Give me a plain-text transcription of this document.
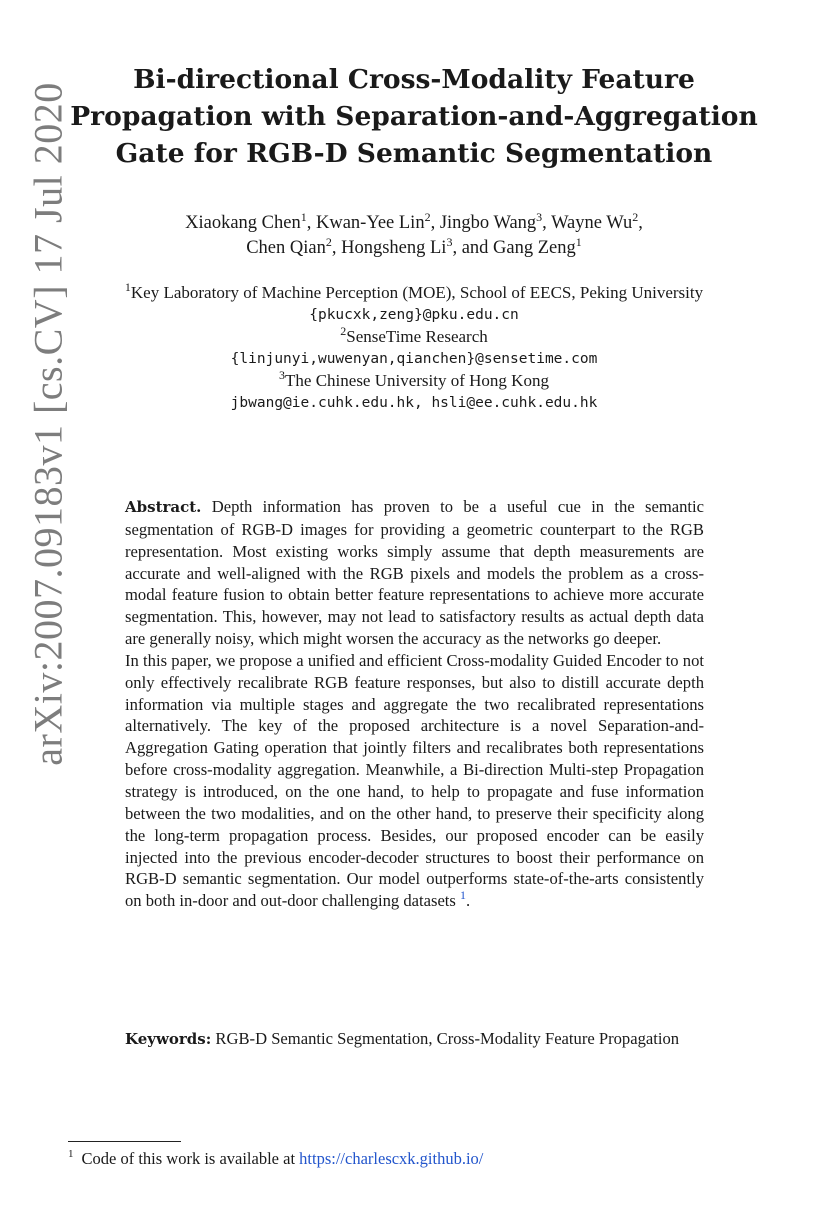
arXiv:2007.09183v1 [cs.CV] 17 Jul 2020
Bi-directional Cross-Modality Feature
Propagation with Separation-and-Aggregation
Gate for RGB-D Semantic Segmentation
Xiaokang Chen$^1$, Kwan-Yee Lin$^2$, Jingbo Wang$^3$, Wayne Wu$^2$,
Chen Qian$^2$, Hongsheng Li$^3$, and Gang Zeng$^1$
$^1$Key Laboratory of Machine Perception (MOE), School of EECS, Peking University
{pkucxk,zeng}@pku.edu.cn
$^2$SenseTime Research
{linjunyi,wuwenyan,qianchen}@sensetime.com
$^3$The Chinese University of Hong Kong
jbwang@ie.cuhk.edu.hk, hsli@ee.cuhk.edu.hk

Abstract. Depth information has proven to be a useful cue in the semantic segmentation of RGB-D images for providing a geometric counterpart to the RGB representation. Most existing works simply assume that depth measurements are accurate and well-aligned with the RGB pixels and models the problem as a cross-modal feature fusion to obtain better feature representations to achieve more accurate segmentation. This, however, may not lead to satisfactory results as actual depth data are generally noisy, which might worsen the accuracy as the networks go deeper.

In this paper, we propose a unified and efficient Cross-modality Guided Encoder to not only effectively recalibrate RGB feature responses, but also to distill accurate depth information via multiple stages and aggregate the two recalibrated representations alternatively. The key of the proposed architecture is a novel Separation-and-Aggregation Gating operation that jointly filters and recalibrates both representations before cross-modality aggregation. Meanwhile, a Bi-direction Multi-step Propagation strategy is introduced, on the one hand, to help to propagate and fuse information between the two modalities, and on the other hand, to preserve their specificity along the long-term propagation process. Besides, our proposed encoder can be easily injected into the previous encoder-decoder structures to boost their performance on RGB-D semantic segmentation. Our model outperforms state-of-the-arts consistently on both in-door and out-door challenging datasets $^1$.

Keywords: RGB-D Semantic Segmentation, Cross-Modality Feature Propagation
$^1$ Code of this work is available at https://charlescxk.github.io/
